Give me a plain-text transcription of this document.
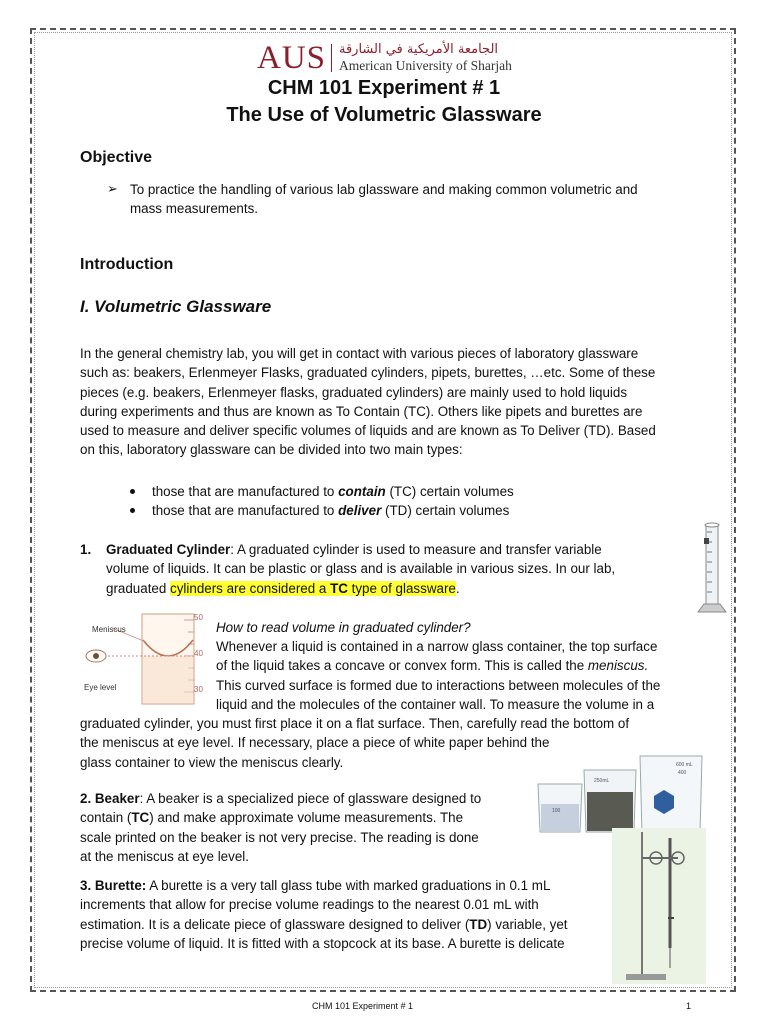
AUS الجامعة الأمريكية في الشارقة
American University of Sharjah
CHM 101 Experiment # 1
The Use of Volumetric Glassware
Objective
➢ To practice the handling of various lab glassware and making common volumetric and
mass measurements.
Introduction
I. Volumetric Glassware
In the general chemistry lab, you will get in contact with various pieces of laboratory glassware
such as: beakers, Erlenmeyer Flasks, graduated cylinders, pipets, burettes, …etc. Some of these
pieces (e.g. beakers, Erlenmeyer flasks, graduated cylinders) are mainly used to hold liquids
during experiments and thus are known as To Contain (TC). Others like pipets and burettes are
used to measure and deliver specific volumes of liquids and are known as To Deliver (TD). Based
on this, laboratory glassware can be divided into two main types:
those that are manufactured to contain (TC) certain volumes
those that are manufactured to deliver (TD) certain volumes
1.	Graduated Cylinder: A graduated cylinder is used to measure and transfer variable
volume of liquids. It can be plastic or glass and is available in various sizes. In our lab,
graduated cylinders are considered a TC type of glassware.
Meniscus
Eye level
50
40
30
How to read volume in graduated cylinder?
Whenever a liquid is contained in a narrow glass container, the top surface
of the liquid takes a concave or convex form. This is called the meniscus.
This curved surface is formed due to interactions between molecules of the
liquid and the molecules of the container wall. To measure the volume in a
graduated cylinder, you must first place it on a flat surface. Then, carefully read the bottom of
the meniscus at eye level. If necessary, place a piece of white paper behind the
glass container to view the meniscus clearly.
100
250mL
400
600 mL
2. Beaker: A beaker is a specialized piece of glassware designed to
contain (TC) and make approximate volume measurements. The
scale printed on the beaker is not very precise. The reading is done
at the meniscus at eye level.
3. Burette: A burette is a very tall glass tube with marked graduations in 0.1 mL
increments that allow for precise volume readings to the nearest 0.01 mL with
estimation. It is a delicate piece of glassware designed to deliver (TD) variable, yet
precise volume of liquid. It is fitted with a stopcock at its base. A burette is delicate
CHM 101 Experiment # 1	1
